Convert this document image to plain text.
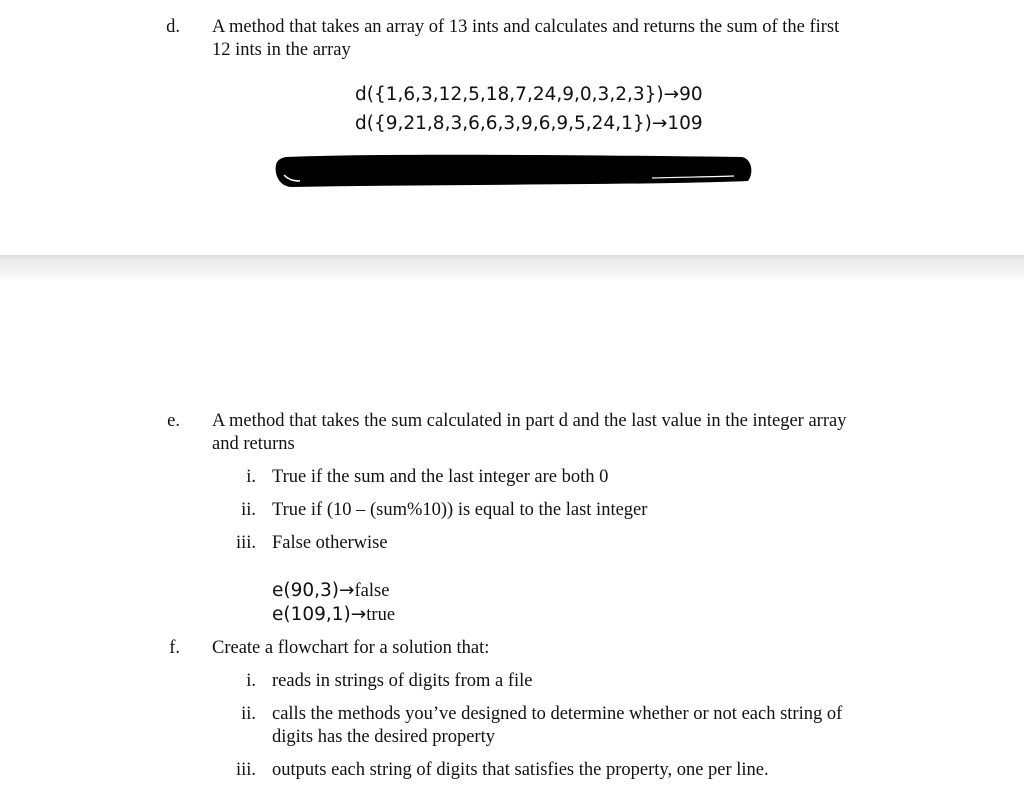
d. A method that takes an array of 13 ints and calculates and returns the sum of the first
12 ints in the array
d({1,6,3,12,5,18,7,24,9,0,3,2,3})→90
d({9,21,8,3,6,6,3,9,6,9,5,24,1})→109
e. A method that takes the sum calculated in part d and the last value in the integer array
and returns
i. True if the sum and the last integer are both 0
ii. True if (10 – (sum%10)) is equal to the last integer
iii. False otherwise
e(90,3)→false
e(109,1)→true
f. Create a flowchart for a solution that:
i. reads in strings of digits from a file
ii. calls the methods you’ve designed to determine whether or not each string of
digits has the desired property
iii. outputs each string of digits that satisfies the property, one per line.
